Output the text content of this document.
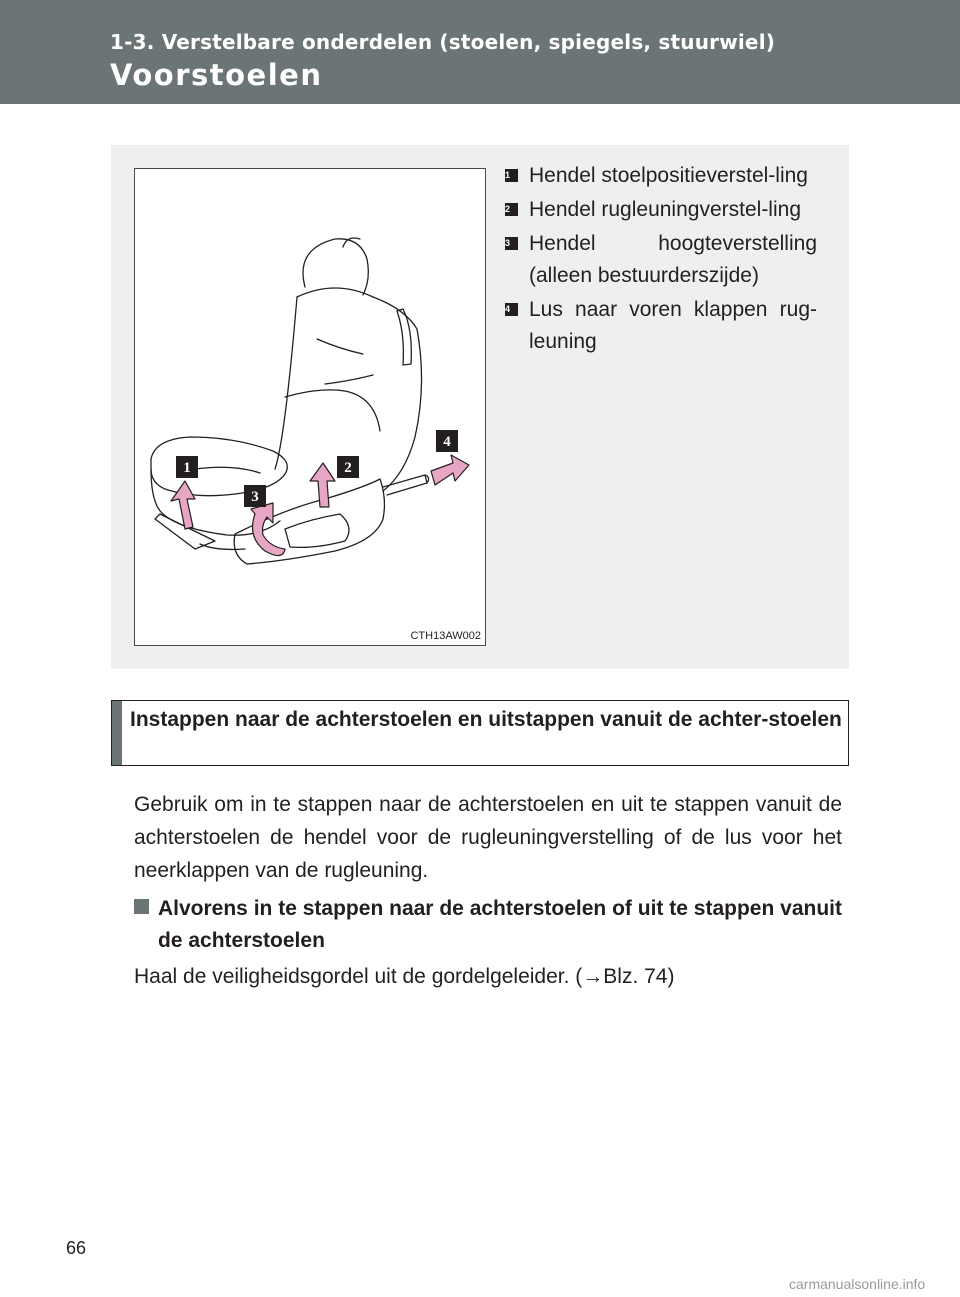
1-3. Verstelbare onderdelen (stoelen, spiegels, stuurwiel)
Voorstoelen
1	2
3
4
CTH13AW002
1 Hendel stoelpositieverstel-ling
2 Hendel rugleuningverstel-ling
3 Hendel hoogteverstelling (alleen bestuurderszijde)
4 Lus naar voren klappen rug-leuning
Instappen naar de achterstoelen en uitstappen vanuit de achter-stoelen
Gebruik om in te stappen naar de achterstoelen en uit te stappen vanuit de achterstoelen de hendel voor de rugleuningverstelling of de lus voor het neerklappen van de rugleuning.
Alvorens in te stappen naar de achterstoelen of uit te stappen vanuit de achterstoelen
Haal de veiligheidsgordel uit de gordelgeleider. (→Blz. 74)
66
carmanualsonline.info
